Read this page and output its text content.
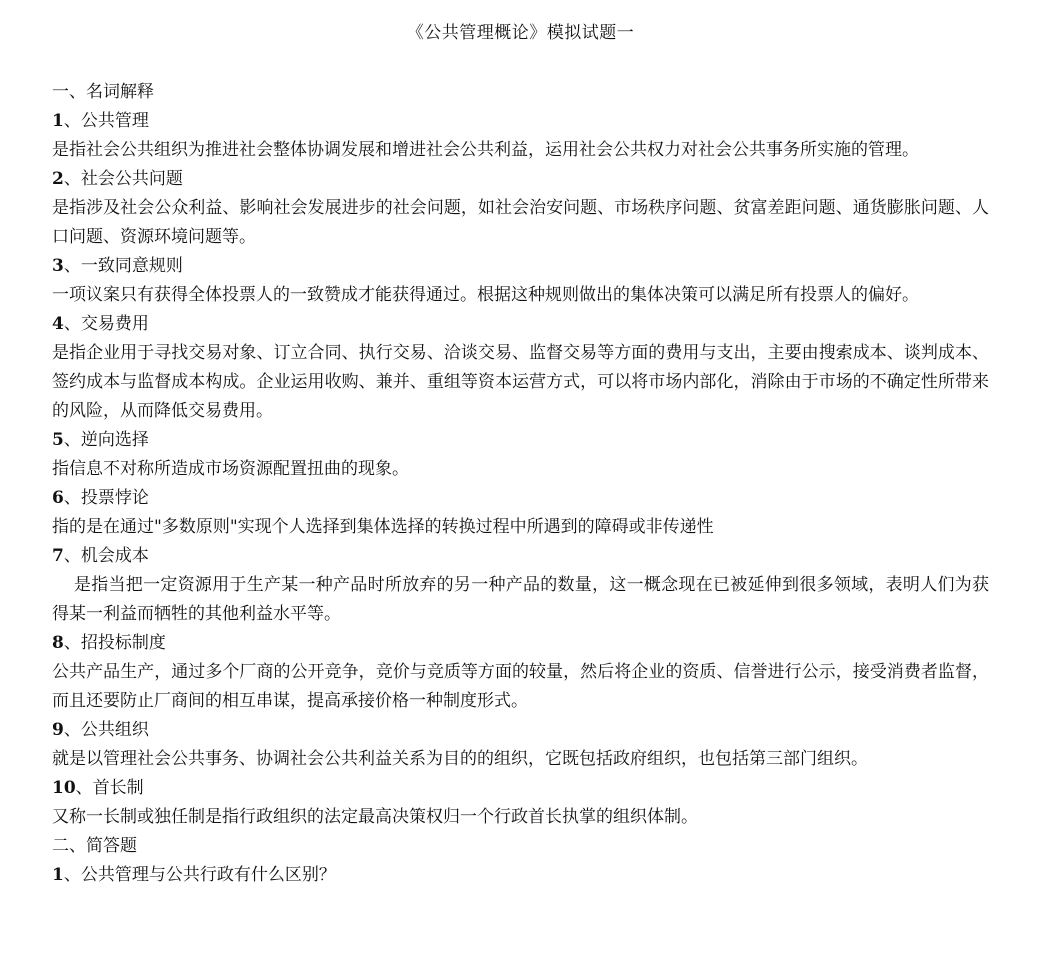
《公共管理概论》模拟试题一
一、名词解释
1、公共管理
是指社会公共组织为推进社会整体协调发展和增进社会公共利益，运用社会公共权力对社会公共事务所实施的管理。
2、社会公共问题
是指涉及社会公众利益、影响社会发展进步的社会问题，如社会治安问题、市场秩序问题、贫富差距问题、通货膨胀问题、人口问题、资源环境问题等。
3、一致同意规则
一项议案只有获得全体投票人的一致赞成才能获得通过。根据这种规则做出的集体决策可以满足所有投票人的偏好。
4、交易费用
是指企业用于寻找交易对象、订立合同、执行交易、洽谈交易、监督交易等方面的费用与支出，主要由搜索成本、谈判成本、签约成本与监督成本构成。企业运用收购、兼并、重组等资本运营方式，可以将市场内部化，消除由于市场的不确定性所带来的风险，从而降低交易费用。
5、逆向选择
指信息不对称所造成市场资源配置扭曲的现象。
6、投票悖论
指的是在通过"多数原则"实现个人选择到集体选择的转换过程中所遇到的障碍或非传递性
7、机会成本
是指当把一定资源用于生产某一种产品时所放弃的另一种产品的数量，这一概念现在已被延伸到很多领域，表明人们为获得某一利益而牺牲的其他利益水平等。
8、招投标制度
公共产品生产，通过多个厂商的公开竞争，竞价与竞质等方面的较量，然后将企业的资质、信誉进行公示，接受消费者监督，而且还要防止厂商间的相互串谋，提高承接价格一种制度形式。
9、公共组织
就是以管理社会公共事务、协调社会公共利益关系为目的的组织，它既包括政府组织，也包括第三部门组织。
10、首长制
又称一长制或独任制是指行政组织的法定最高决策权归一个行政首长执掌的组织体制。
二、简答题
1、公共管理与公共行政有什么区别？
